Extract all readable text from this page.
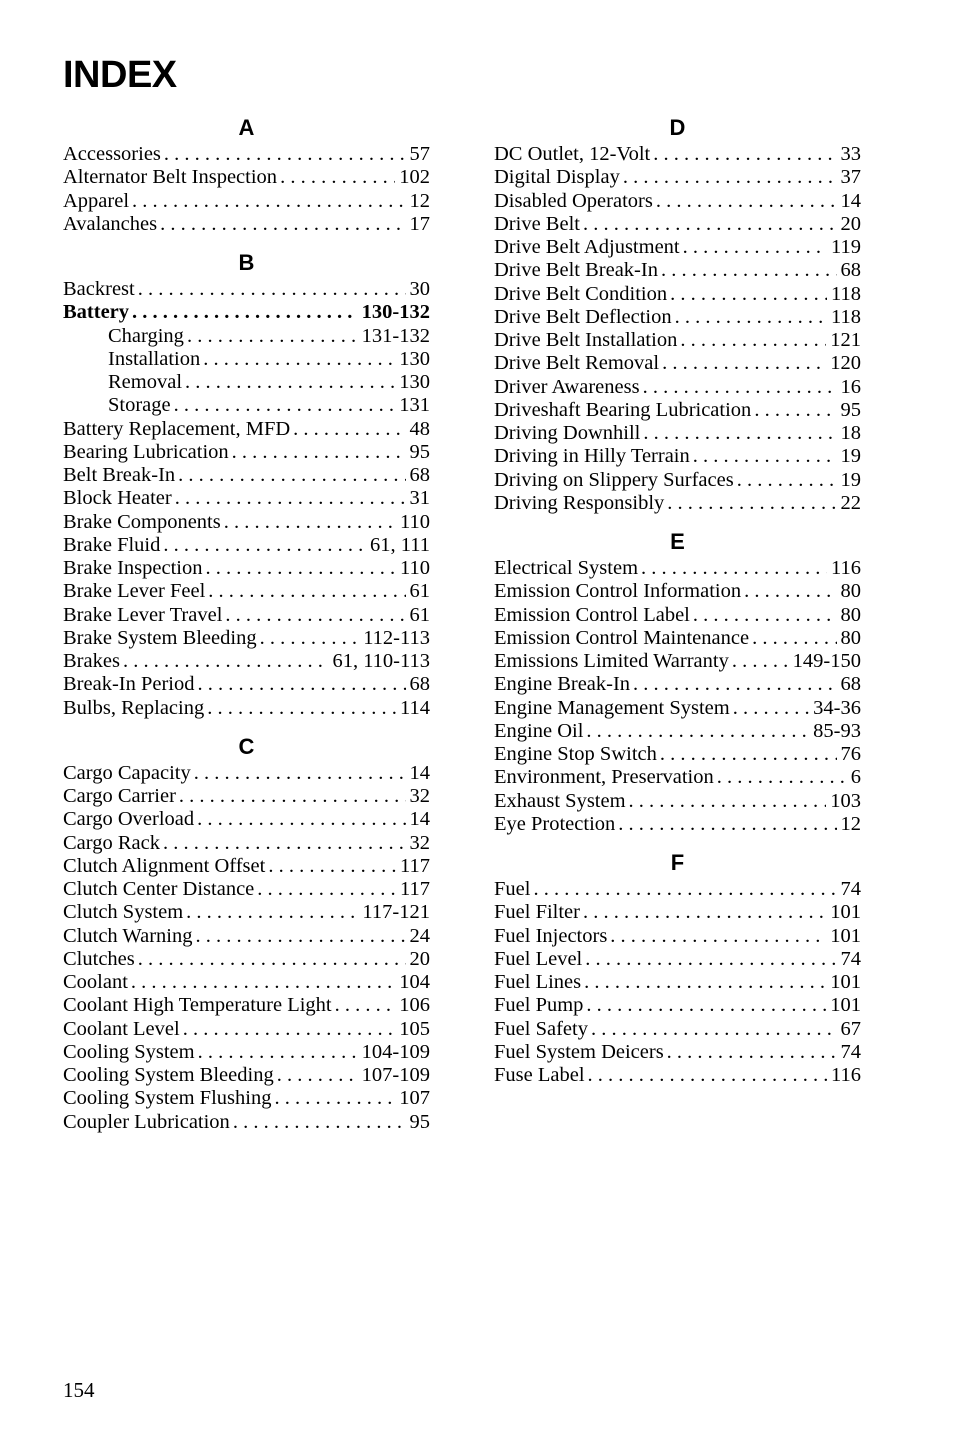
INDEX
A
Accessories . . .	57
Alternator Belt Inspection . . .	102
Apparel . . .	12
Avalanches . . .	17
B
Backrest . . .	30
Battery . . .	130-132
Charging . . .	131-132
Installation . . .	130
Removal . . .	130
Storage . . .	131
Battery Replacement, MFD . . .	48
Bearing Lubrication . . .	95
Belt Break-In . . .	68
Block Heater . . .	31
Brake Components . . .	110
Brake Fluid . . .	61, 111
Brake Inspection . . .	110
Brake Lever Feel . . .	61
Brake Lever Travel . . .	61
Brake System Bleeding . . .	112-113
Brakes . . .	61, 110-113
Break-In Period . . .	68
Bulbs, Replacing . . .	114
C
Cargo Capacity . . .	14
Cargo Carrier . . .	32
Cargo Overload . . .	14
Cargo Rack . . .	32
Clutch Alignment Offset . . .	117
Clutch Center Distance . . .	117
Clutch System . . .	117-121
Clutch Warning . . .	24
Clutches . . .	20
Coolant . . .	104
Coolant High Temperature Light . . .	106
Coolant Level . . .	105
Cooling System . . .	104-109
Cooling System Bleeding . . .	107-109
Cooling System Flushing . . .	107
Coupler Lubrication . . .	95
D
DC Outlet, 12-Volt . . .	33
Digital Display . . .	37
Disabled Operators . . .	14
Drive Belt . . .	20
Drive Belt Adjustment . . .	119
Drive Belt Break-In . . .	68
Drive Belt Condition . . .	118
Drive Belt Deflection . . .	118
Drive Belt Installation . . .	121
Drive Belt Removal . . .	120
Driver Awareness . . .	16
Driveshaft Bearing Lubrication . . .	95
Driving Downhill . . .	18
Driving in Hilly Terrain . . .	19
Driving on Slippery Surfaces . . .	19
Driving Responsibly . . .	22
E
Electrical System . . .	116
Emission Control Information . . .	80
Emission Control Label . . .	80
Emission Control Maintenance . . .	80
Emissions Limited Warranty . . .	149-150
Engine Break-In . . .	68
Engine Management System . . .	34-36
Engine Oil . . .	85-93
Engine Stop Switch . . .	76
Environment, Preservation . . .	6
Exhaust System . . .	103
Eye Protection . . .	12
F
Fuel . . .	74
Fuel Filter . . .	101
Fuel Injectors . . .	101
Fuel Level . . .	74
Fuel Lines . . .	101
Fuel Pump . . .	101
Fuel Safety . . .	67
Fuel System Deicers . . .	74
Fuse Label . . .	116
154
